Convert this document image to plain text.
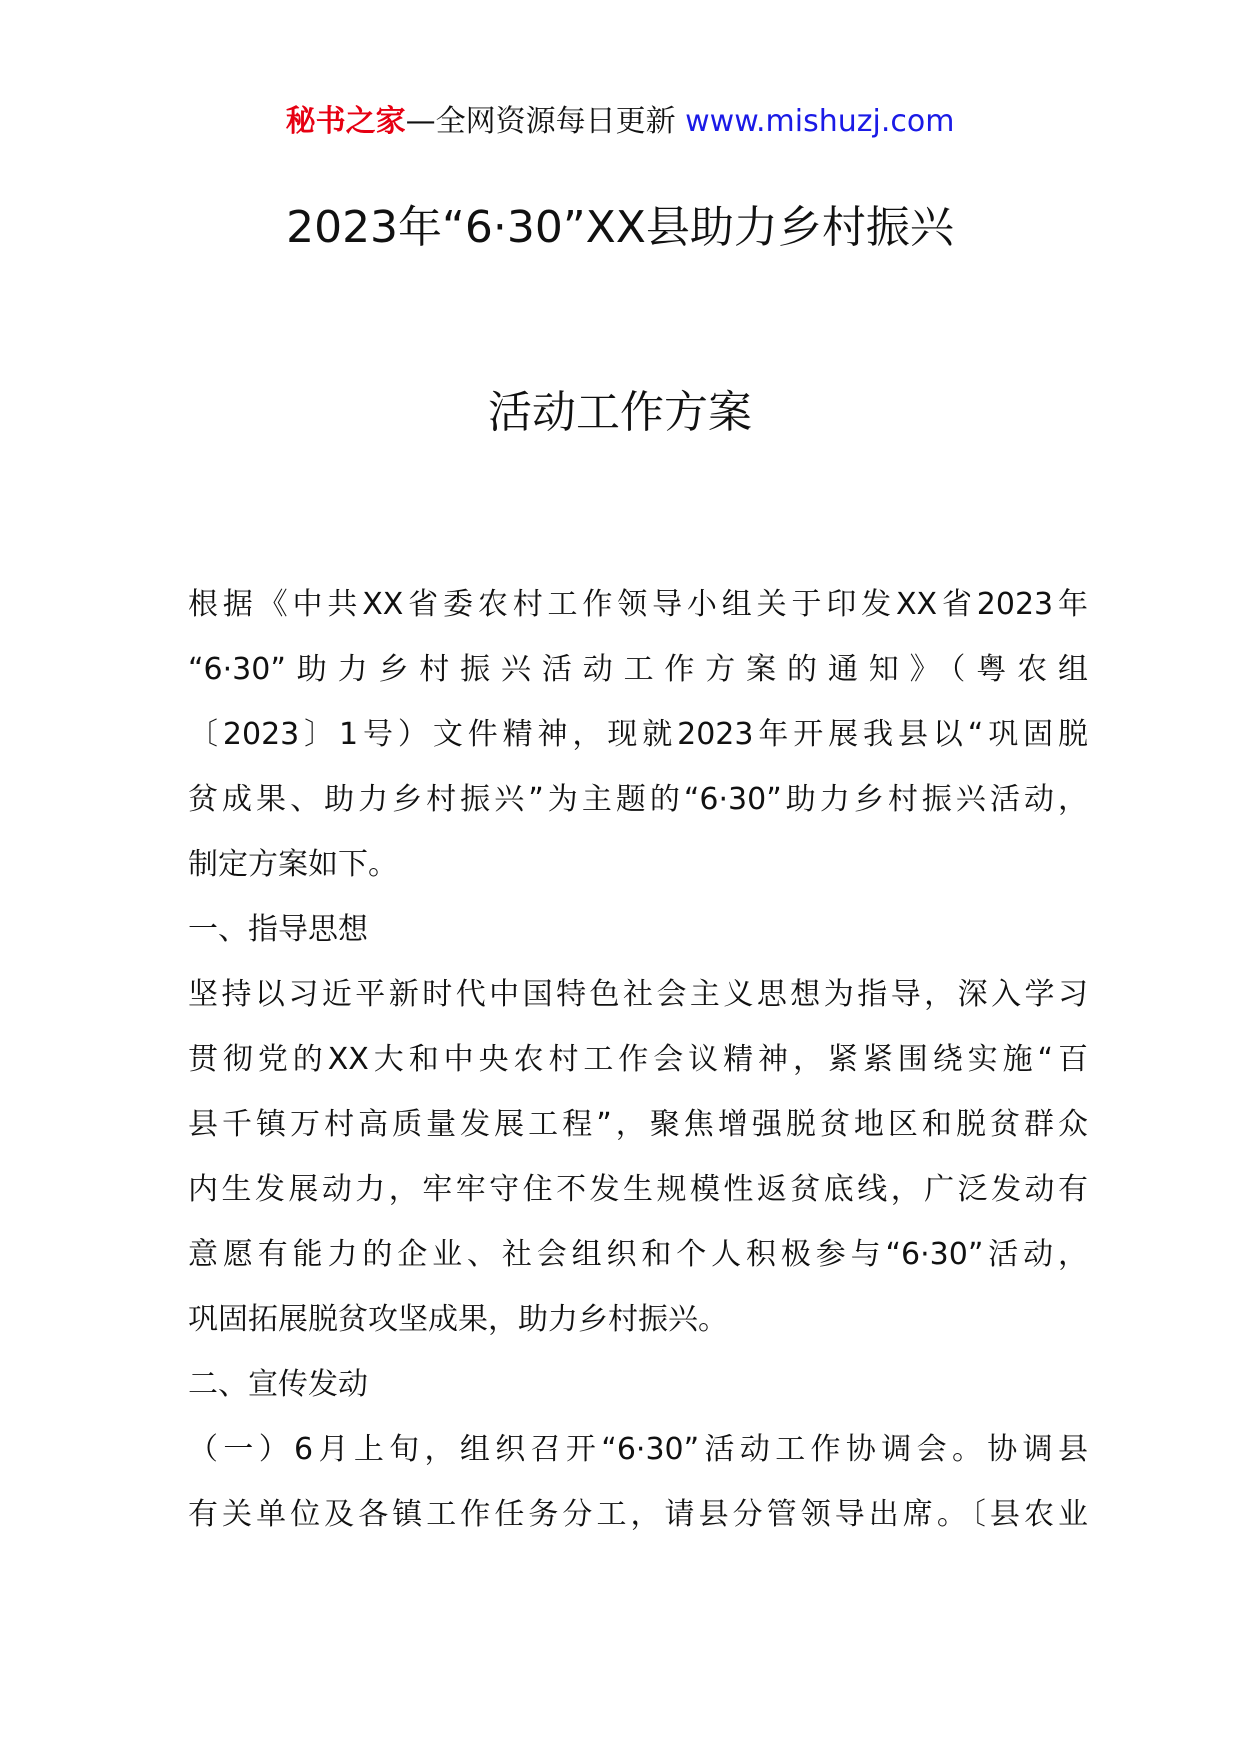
秘书之家—全网资源每日更新 www.mishuzj.com
2023年“6·30”XX县助力乡村振兴
活动工作方案
根据《中共XX省委农村工作领导小组关于印发XX省2023年
“6·30”助力乡村振兴活动工作方案的通知》（粤农组
〔2023〕1号）文件精神，现就2023年开展我县以“巩固脱
贫成果、助力乡村振兴”为主题的“6·30”助力乡村振兴活动，
制定方案如下。
一、指导思想
坚持以习近平新时代中国特色社会主义思想为指导，深入学习
贯彻党的XX大和中央农村工作会议精神，紧紧围绕实施“百
县千镇万村高质量发展工程”，聚焦增强脱贫地区和脱贫群众
内生发展动力，牢牢守住不发生规模性返贫底线，广泛发动有
意愿有能力的企业、社会组织和个人积极参与“6·30”活动，
巩固拓展脱贫攻坚成果，助力乡村振兴。
二、宣传发动
（一）6月上旬，组织召开“6·30”活动工作协调会。协调县
有关单位及各镇工作任务分工，请县分管领导出席。〔县农业
